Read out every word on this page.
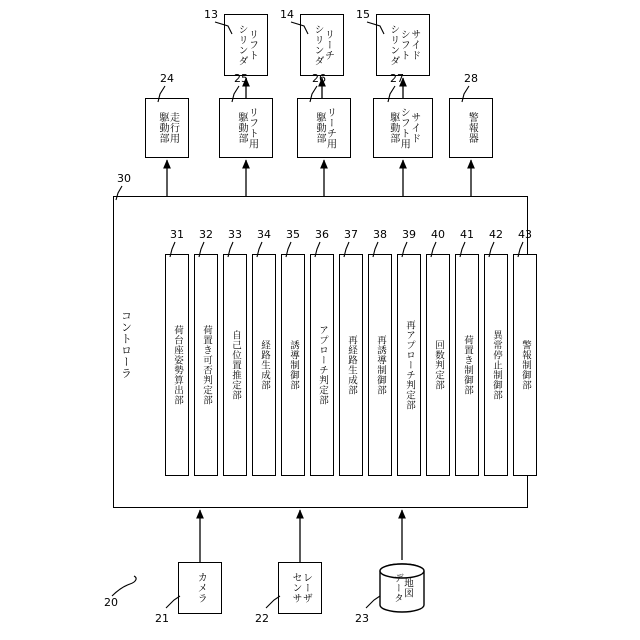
リフト
シリンダ
13
リーチ
シリンダ
14
サイド
シフト
シリンダ
15
走行用
駆動部
24
リフト用
駆動部
25
リーチ用
駆動部
26
サイド
シフト用
駆動部
27
警報器
28
30
コントローラ	荷台座姿勢算出部
31
荷置き可否判定部
32
自己位置推定部
33
経路生成部
34
誘導制御部
35
アプローチ判定部
36
再経路生成部
37
再誘導制御部
38
再アプローチ判定部
39
回数判定部
40
荷置き制御部
41
異常停止制御部
42
警報制御部
43
カメラ
21
レーザ
センサ
22
地図
データ
23
20
